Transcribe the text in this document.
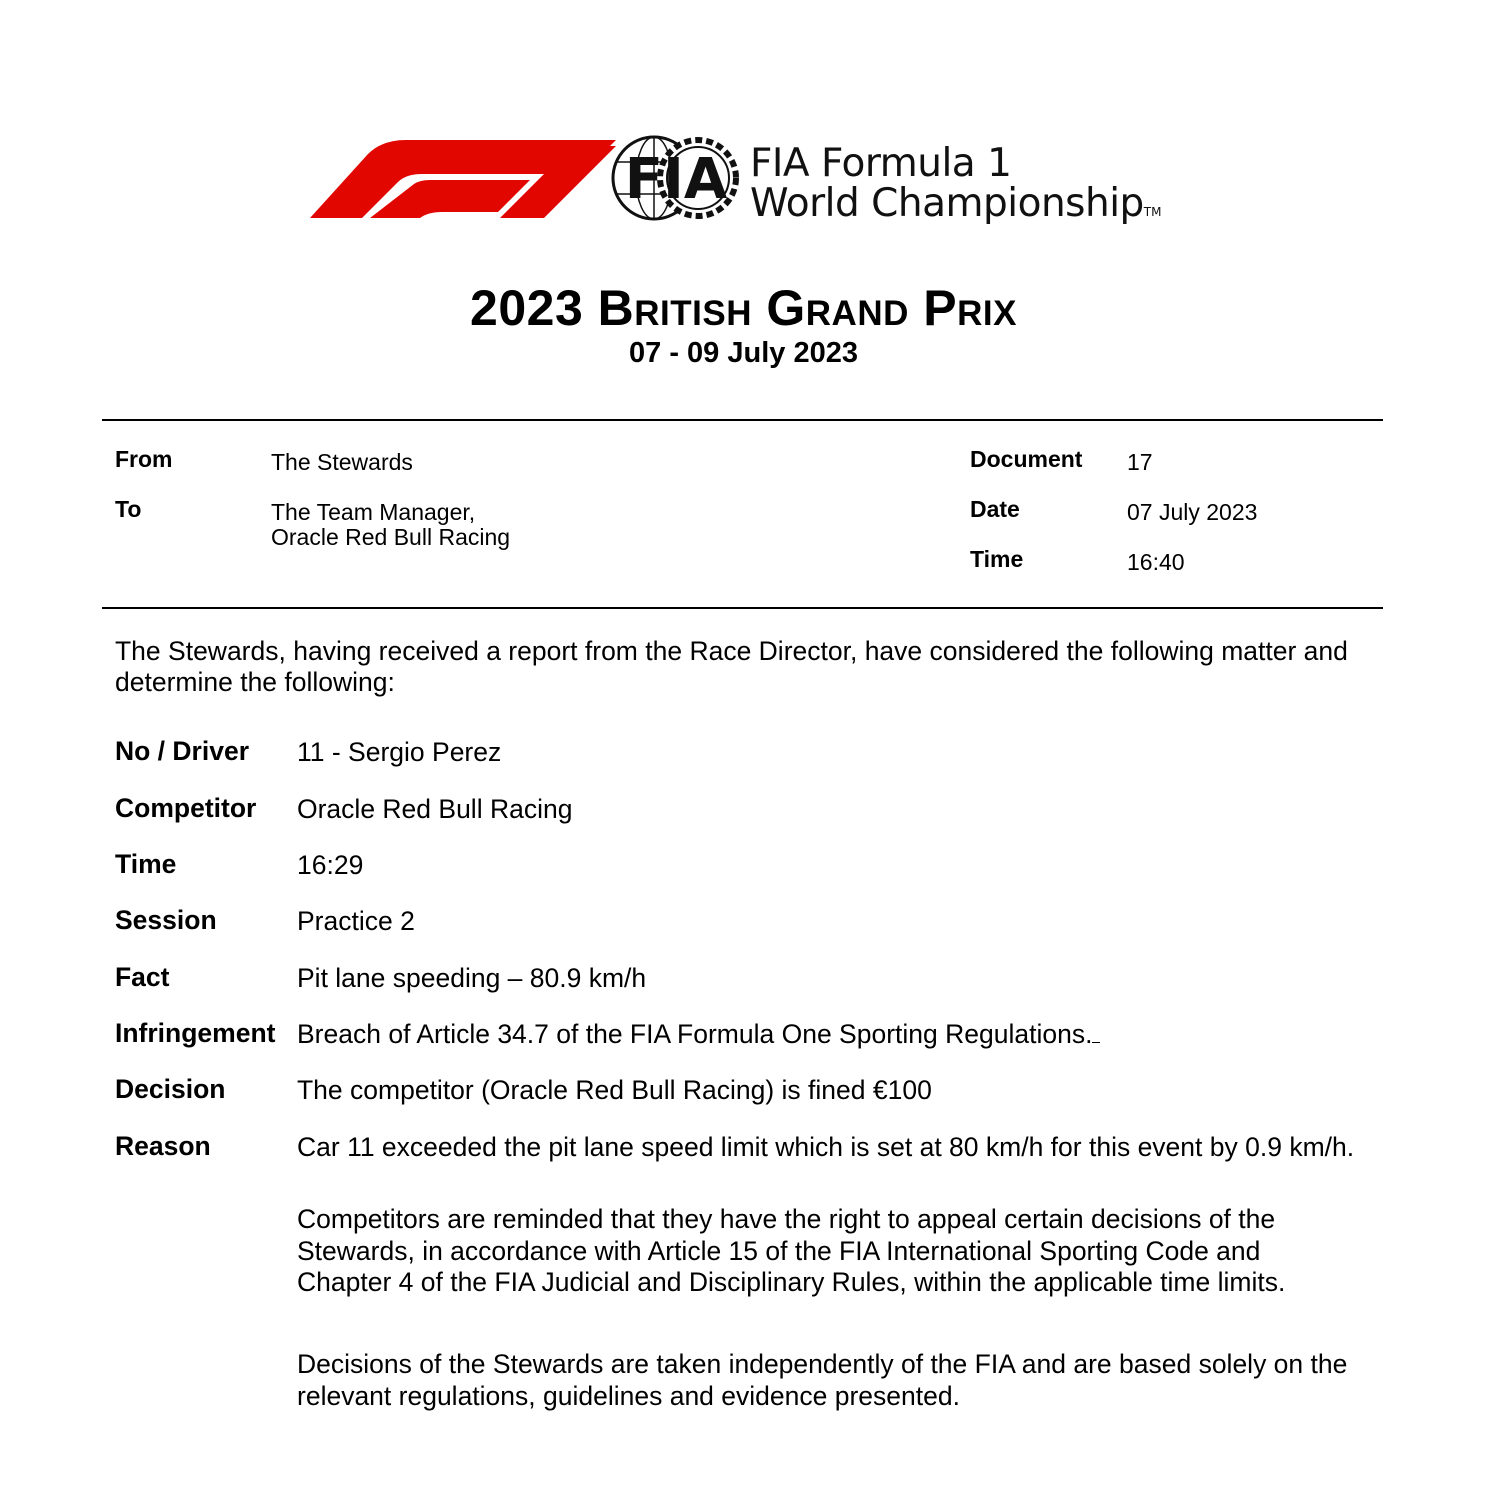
FIA FIA Formula 1
World ChampionshipTM
2023 British Grand Prix
07 - 09 July 2023
From	The Stewards
To	The Team Manager,
Oracle Red Bull Racing
Document 17
Date	07 July 2023
Time	16:40
The Stewards, having received a report from the Race Director, have considered the following matter and determine the following:
No / Driver 11 - Sergio Perez
Competitor Oracle Red Bull Racing
Time	16:29
Session	Practice 2
Fact	Pit lane speeding – 80.9 km/h
Infringement Breach of Article 34.7 of the FIA Formula One Sporting Regulations.
Decision	The competitor (Oracle Red Bull Racing) is fined €100
Reason	Car 11 exceeded the pit lane speed limit which is set at 80 km/h for this event by 0.9 km/h.
Competitors are reminded that they have the right to appeal certain decisions of the Stewards, in accordance with Article 15 of the FIA International Sporting Code and Chapter 4 of the FIA Judicial and Disciplinary Rules, within the applicable time limits.
Decisions of the Stewards are taken independently of the FIA and are based solely on the relevant regulations, guidelines and evidence presented.
